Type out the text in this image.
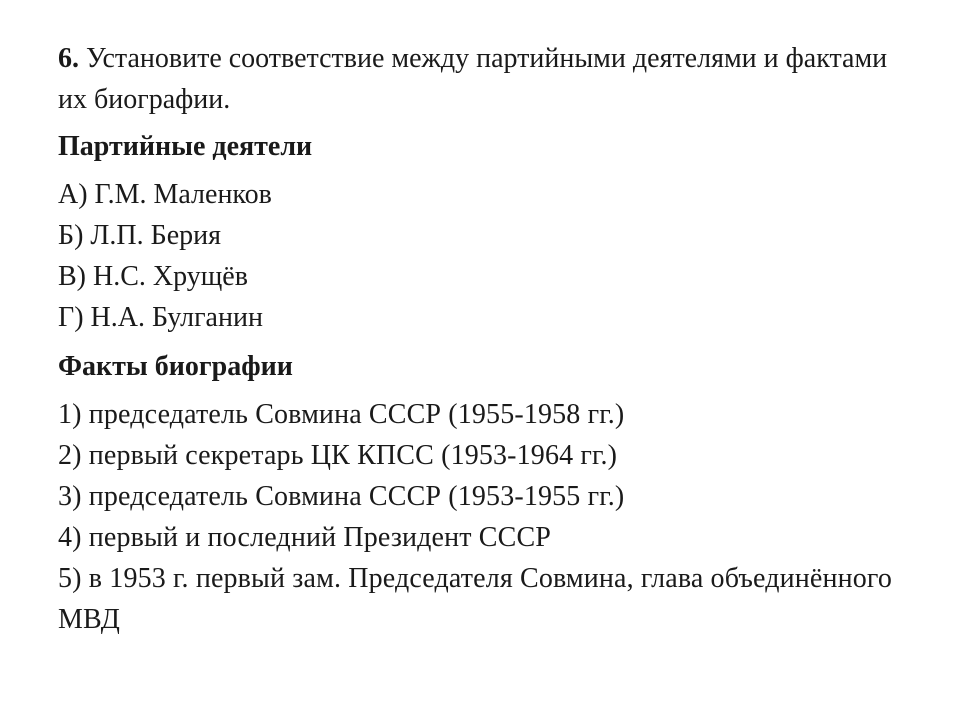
6. Установите соответствие между партийными деятелями и фактами их биографии.

Партийные деятели
А) Г.М. Маленков
Б) Л.П. Берия
В) Н.С. Хрущёв
Г) Н.А. Булганин
Факты биографии
1) председатель Совмина СССР (1955-1958 гг.)
2) первый секретарь ЦК КПСС (1953-1964 гг.)
3) председатель Совмина СССР (1953-1955 гг.)
4) первый и последний Президент СССР
5) в 1953 г. первый зам. Председателя Совмина, глава объединённого МВД
